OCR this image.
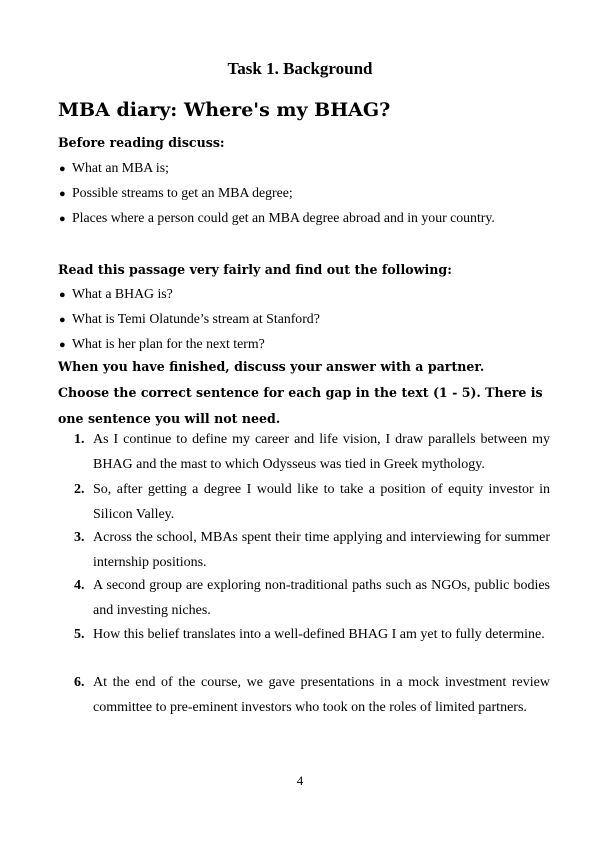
Task 1. Background
MBA diary: Where's my BHAG?

Before reading discuss:

● What an MBA is;

● Possible streams to get an MBA degree;

● Places where a person could get an MBA degree abroad and in your country.

Read this passage very fairly and find out the following:

● What a BHAG is?

● What is Temi Olatunde’s stream at Stanford?

● What is her plan for the next term?

When you have finished, discuss your answer with a partner.

Choose the correct sentence for each gap in the text (1 - 5). There is one sentence you will not need.

1. As I continue to define my career and life vision, I draw parallels between my BHAG and the mast to which Odysseus was tied in Greek mythology.
2. So, after getting a degree I would like to take a position of equity investor in Silicon Valley.
3. Across the school, MBAs spent their time applying and interviewing for summer internship positions.
4. A second group are exploring non-traditional paths such as NGOs, public bodies and investing niches.
5. How this belief translates into a well-defined BHAG I am yet to fully determine.
6. At the end of the course, we gave presentations in a mock investment review committee to pre-eminent investors who took on the roles of limited partners.

4
